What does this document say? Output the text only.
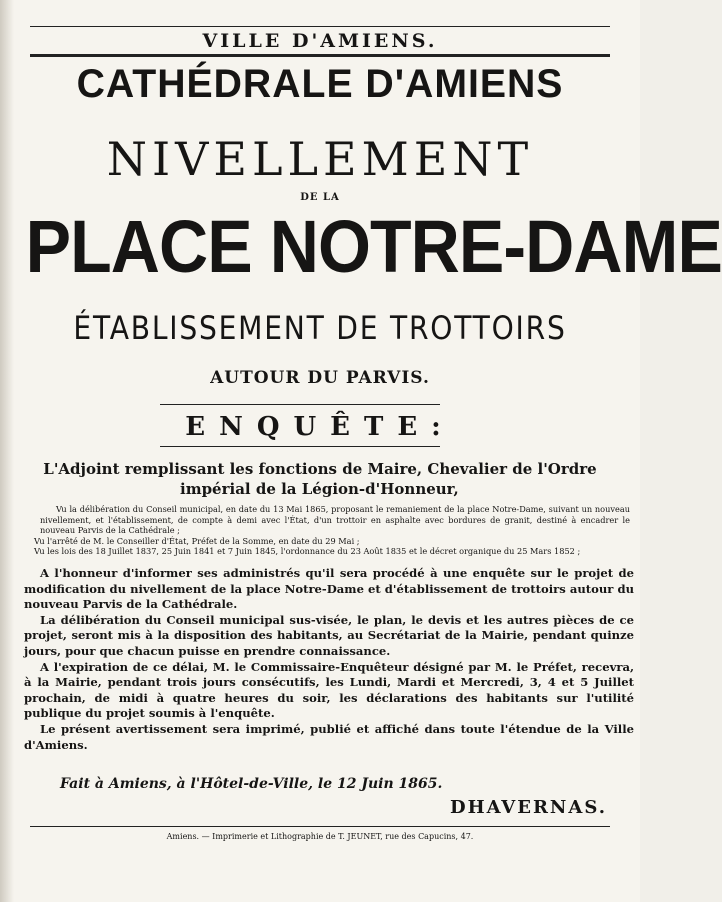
VILLE D'AMIENS.
CATHÉDRALE D'AMIENS
NIVELLEMENT
DE LA
PLACE NOTRE-DAME
ÉTABLISSEMENT DE TROTTOIRS
AUTOUR DU PARVIS.
ENQUÊTE:
L'Adjoint remplissant les fonctions de Maire, Chevalier de l'Ordre
impérial de la Légion-d'Honneur,

Vu la délibération du Conseil municipal, en date du 13 Mai 1865, proposant le remaniement de la place Notre-Dame, suivant un nouveau nivellement, et l'établissement, de compte à demi avec l'État, d'un trottoir en asphalte avec bordures de granit, destiné à encadrer le nouveau Parvis de la Cathédrale ;

Vu l'arrêté de M. le Conseiller d'État, Préfet de la Somme, en date du 29 Mai ;

Vu les lois des 18 Juillet 1837, 25 Juin 1841 et 7 Juin 1845, l'ordonnance du 23 Août 1835 et le décret organique du 25 Mars 1852 ;

A l'honneur d'informer ses administrés qu'il sera procédé à une enquête sur le projet de modification du nivellement de la place Notre-Dame et d'établissement de trottoirs autour du nouveau Parvis de la Cathédrale.

La délibération du Conseil municipal sus-visée, le plan, le devis et les autres pièces de ce projet, seront mis à la disposition des habitants, au Secrétariat de la Mairie, pendant quinze jours, pour que chacun puisse en prendre connaissance.

A l'expiration de ce délai, M. le Commissaire-Enquêteur désigné par M. le Préfet, recevra, à la Mairie, pendant trois jours consécutifs, les Lundi, Mardi et Mercredi, 3, 4 et 5 Juillet prochain, de midi à quatre heures du soir, les déclarations des habitants sur l'utilité publique du projet soumis à l'enquête.

Le présent avertissement sera imprimé, publié et affiché dans toute l'étendue de la Ville d'Amiens.

Fait à Amiens, à l'Hôtel-de-Ville, le 12 Juin 1865.
DHAVERNAS.
Amiens. — Imprimerie et Lithographie de T. JEUNET, rue des Capucins, 47.
